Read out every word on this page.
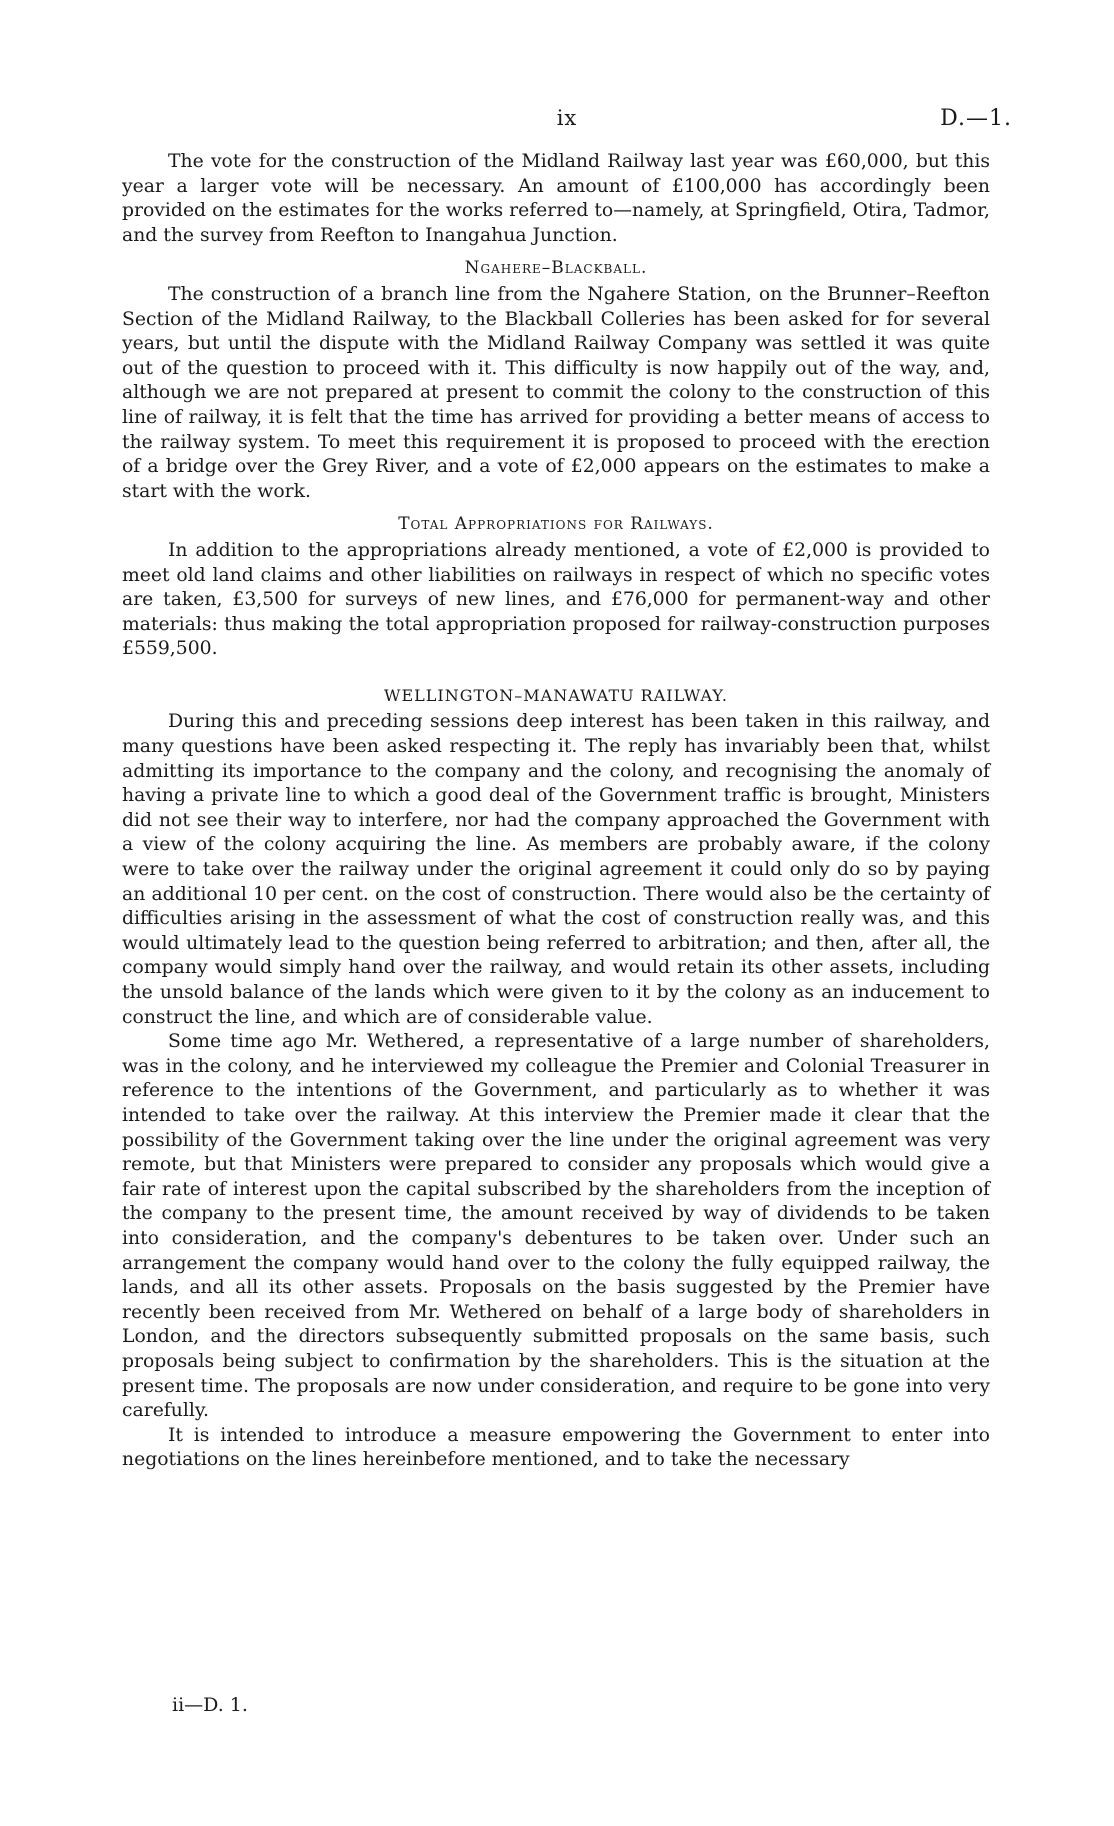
ix	D.—1.

The vote for the construction of the Midland Railway last year was £60,000, but this year a larger vote will be necessary. An amount of £100,000 has accordingly been provided on the estimates for the works referred to—namely, at Springfield, Otira, Tadmor, and the survey from Reefton to Inangahua Junction.

Ngahere–Blackball.

The construction of a branch line from the Ngahere Station, on the Brunner–Reefton Section of the Midland Railway, to the Blackball Colleries has been asked for for several years, but until the dispute with the Midland Railway Company was settled it was quite out of the question to proceed with it. This difficulty is now happily out of the way, and, although we are not prepared at present to commit the colony to the construction of this line of railway, it is felt that the time has arrived for providing a better means of access to the railway system. To meet this requirement it is proposed to proceed with the erection of a bridge over the Grey River, and a vote of £2,000 appears on the estimates to make a start with the work.

Total Appropriations for Railways.

In addition to the appropriations already mentioned, a vote of £2,000 is provided to meet old land claims and other liabilities on railways in respect of which no specific votes are taken, £3,500 for surveys of new lines, and £76,000 for permanent-way and other materials: thus making the total appropriation proposed for railway-construction purposes £559,500.

WELLINGTON–MANAWATU RAILWAY.

During this and preceding sessions deep interest has been taken in this railway, and many questions have been asked respecting it. The reply has invariably been that, whilst admitting its importance to the company and the colony, and recognising the anomaly of having a private line to which a good deal of the Government traffic is brought, Ministers did not see their way to interfere, nor had the company approached the Government with a view of the colony acquiring the line. As members are probably aware, if the colony were to take over the railway under the original agreement it could only do so by paying an additional 10 per cent. on the cost of construction. There would also be the certainty of difficulties arising in the assessment of what the cost of construction really was, and this would ultimately lead to the question being referred to arbitration; and then, after all, the company would simply hand over the railway, and would retain its other assets, including the unsold balance of the lands which were given to it by the colony as an inducement to construct the line, and which are of considerable value.

Some time ago Mr. Wethered, a representative of a large number of shareholders, was in the colony, and he interviewed my colleague the Premier and Colonial Treasurer in reference to the intentions of the Government, and particularly as to whether it was intended to take over the railway. At this interview the Premier made it clear that the possibility of the Government taking over the line under the original agreement was very remote, but that Ministers were prepared to consider any proposals which would give a fair rate of interest upon the capital subscribed by the shareholders from the inception of the company to the present time, the amount received by way of dividends to be taken into consideration, and the company's debentures to be taken over. Under such an arrangement the company would hand over to the colony the fully equipped railway, the lands, and all its other assets. Proposals on the basis suggested by the Premier have recently been received from Mr. Wethered on behalf of a large body of shareholders in London, and the directors subsequently submitted proposals on the same basis, such proposals being subject to confirmation by the shareholders. This is the situation at the present time. The proposals are now under consideration, and require to be gone into very carefully.

It is intended to introduce a measure empowering the Government to enter into negotiations on the lines hereinbefore mentioned, and to take the necessary

ii—D. 1.
